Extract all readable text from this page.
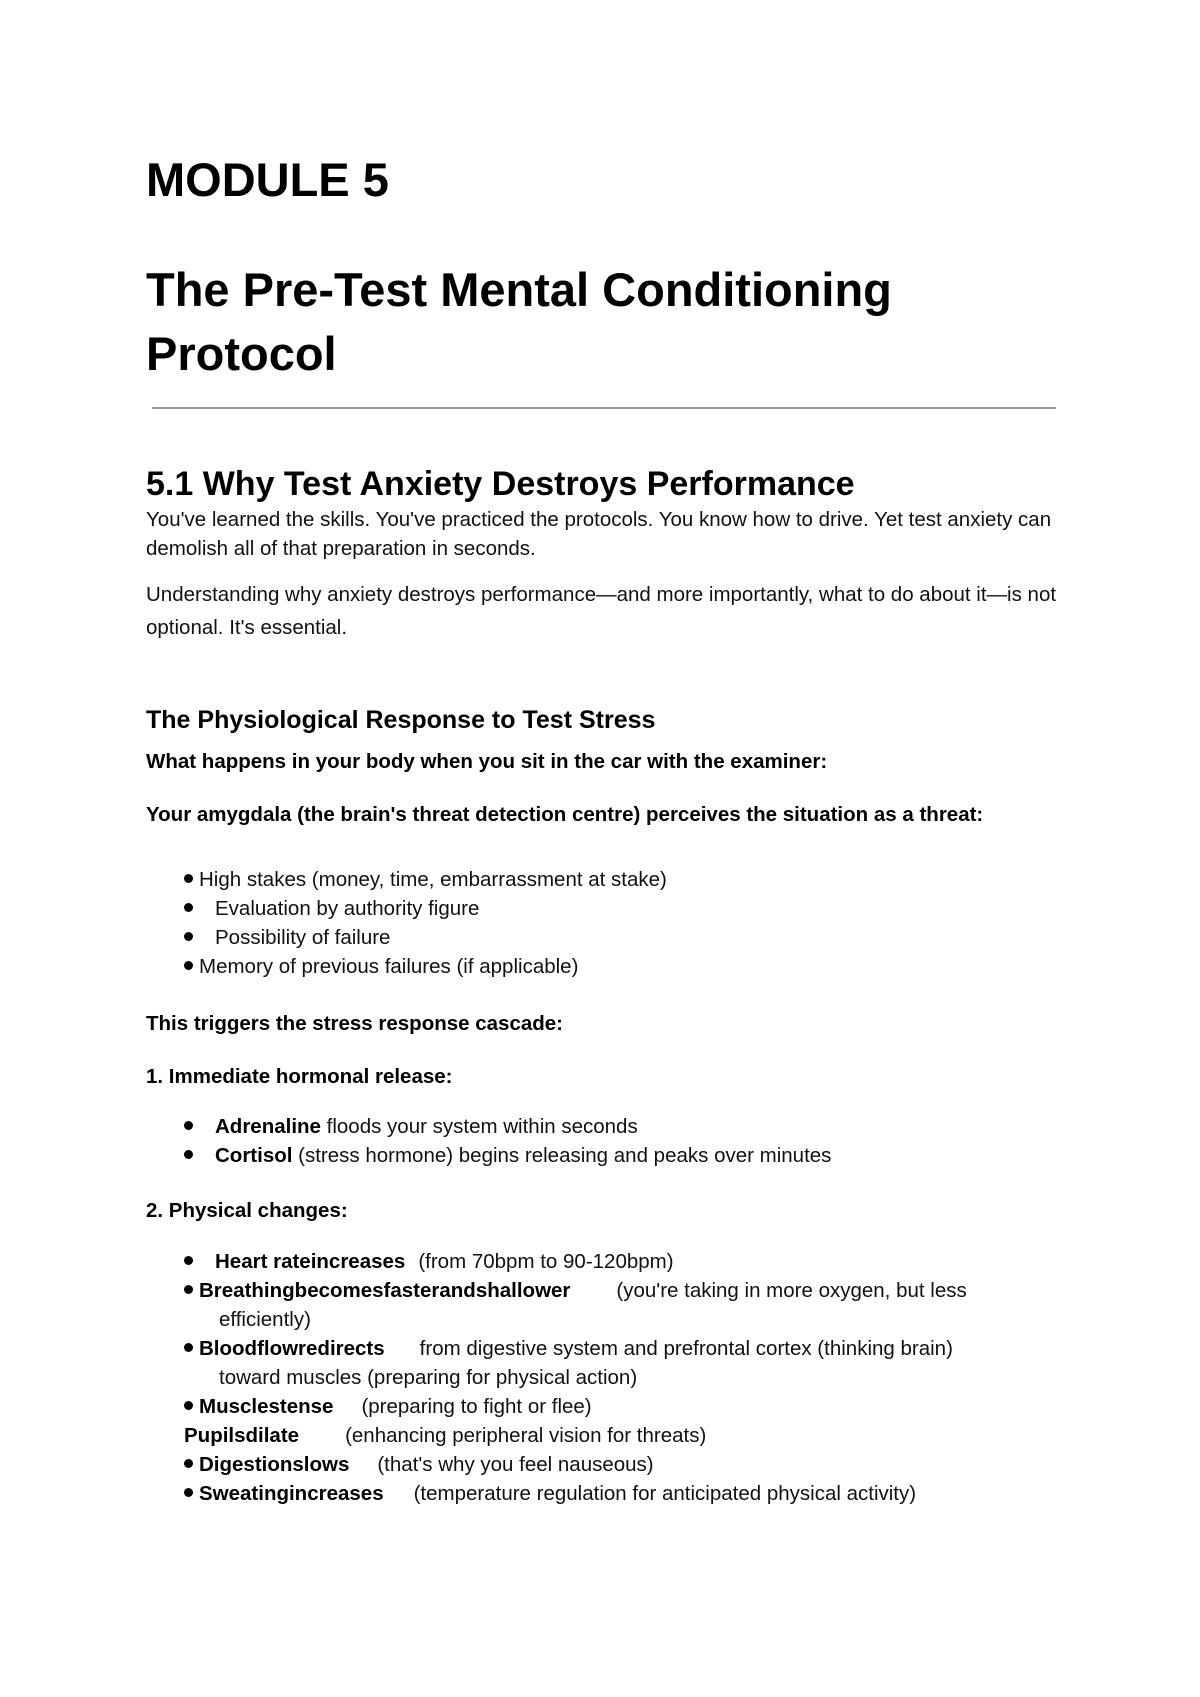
MODULE 5
The Pre-Test Mental Conditioning Protocol
5.1 Why Test Anxiety Destroys Performance
You've learned the skills. You've practiced the protocols. You know how to drive. Yet test anxiety can demolish all of that preparation in seconds.
Understanding why anxiety destroys performance—and more importantly, what to do about it—is not optional. It's essential.
The Physiological Response to Test Stress
What happens in your body when you sit in the car with the examiner:
Your amygdala (the brain's threat detection centre) perceives the situation as a threat:
High stakes (money, time, embarrassment at stake)
Evaluation by authority figure
Possibility of failure
Memory of previous failures (if applicable)
This triggers the stress response cascade:
1. Immediate hormonal release:
Adrenaline floods your system within seconds
Cortisol (stress hormone) begins releasing and peaks over minutes
2. Physical changes:
Heart rateincreases (from 70bpm to 90-120bpm)
Breathingbecomesfasterandshallower (you're taking in more oxygen, but less
efficiently)
Bloodflowredirects from digestive system and prefrontal cortex (thinking brain)
toward muscles (preparing for physical action)
Musclestense (preparing to fight or flee)
Pupilsdilate (enhancing peripheral vision for threats)
Digestionslows (that's why you feel nauseous)
Sweatingincreases (temperature regulation for anticipated physical activity)
